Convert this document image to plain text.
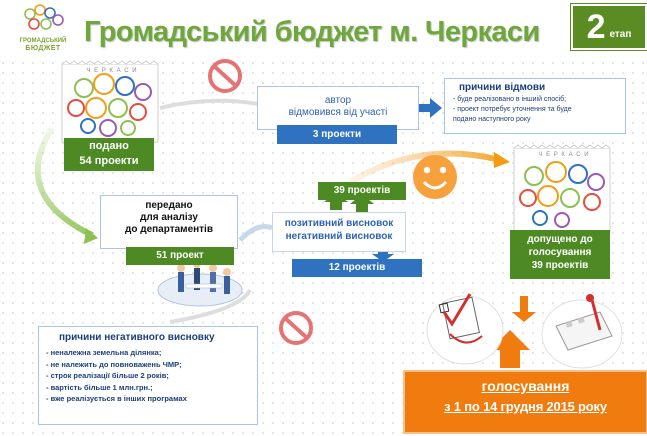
ГРОМАДСЬКИЙ
БЮДЖЕТ
Громадський бюджет м. Черкаси	2 етап
Ч Е Р К А С И
Ч Е Р К А С И
подано
54 проекти
автор
відмовився від участі
3 проекти
причини відмови
- буде реалізовано в іншиій спосіб;
- проект потребує уточнення та буде
подано наступного року
передано
для аналізу
до департаментів
51 проект
39 проектів
позитивний висновок
негативний висновок
12 проектів
допущено до
голосування
39 проектів
причини негативного висновку
- неналежна земельна ділянка;
- не належить до повноважень ЧМР;
- строк реалізації більше 2 років;
- вартість більше 1 млн.грн.;
- вже реалізується в інших програмах
голосування
з 1 по 14 грудня 2015 року
